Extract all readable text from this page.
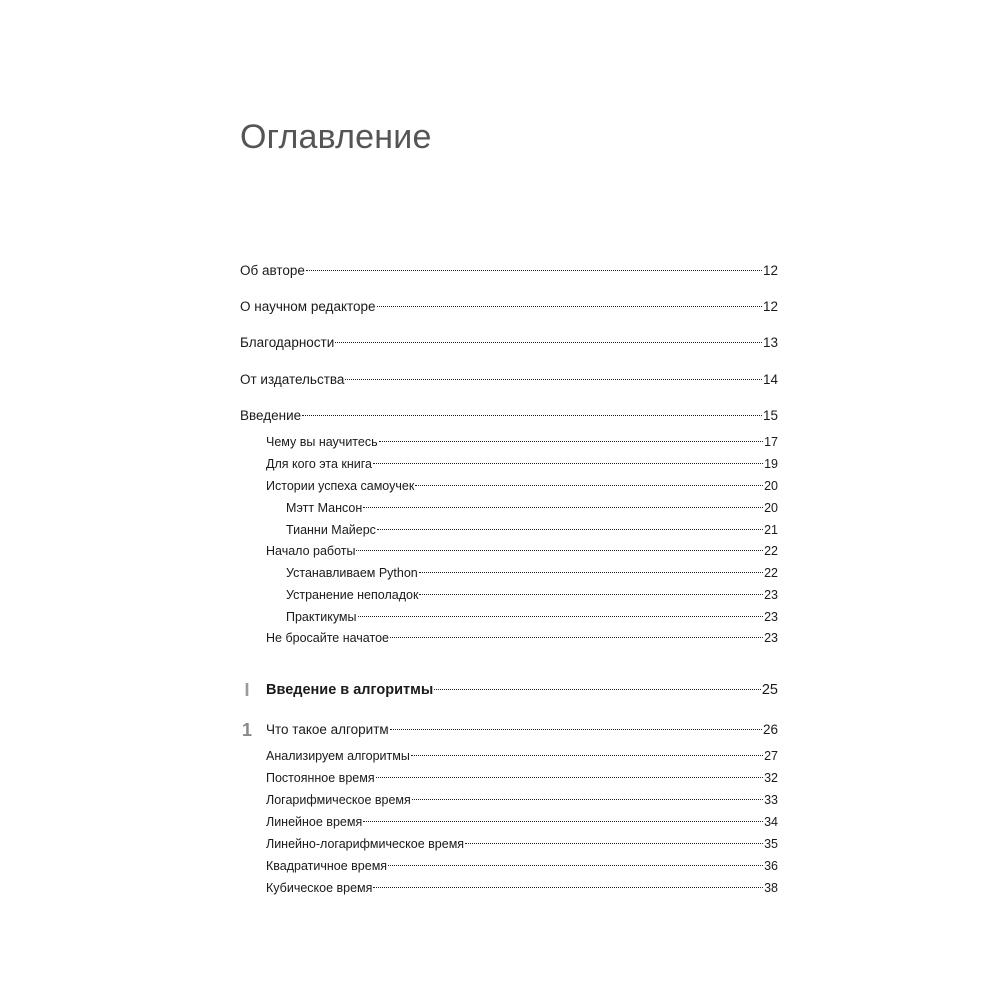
Оглавление
Об авторе	12
О научном редакторе	12
Благодарности	13
От издательства	14
Введение	15
Чему вы научитесь	17
Для кого эта книга	19
Истории успеха самоучек	20
Мэтт Мансон	20
Тианни Майерс	21
Начало работы	22
Устанавливаем Python	22
Устранение неполадок	23
Практикумы	23
Не бросайте начатое	23
I	Введение в алгоритмы	25
1	Что такое алгоритм	26
Анализируем алгоритмы	27
Постоянное время	32
Логарифмическое время	33
Линейное время	34
Линейно-логарифмическое время	35
Квадратичное время	36
Кубическое время	38
